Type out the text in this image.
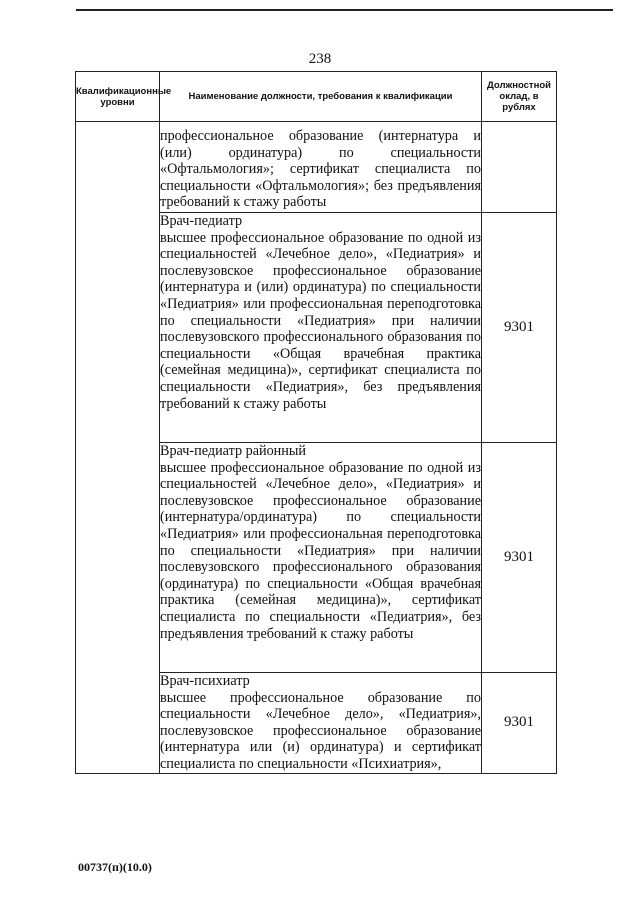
238
Квалификационные уровни	Наименование должности, требования к квалификации	Должностной оклад, в рублях

	профессиональное образование (интернатура и (или) ординатура) по специальности «Офтальмология»; сертификат специалиста по специальности «Офтальмология»; без предъявления требований к стажу работы	

	Врач-педиатр
высшее профессиональное образование по одной из специальностей «Лечебное дело», «Педиатрия» и послевузовское профессиональное образование (интернатура и (или) ординатура) по специальности «Педиатрия» или профессиональная переподготовка по специальности «Педиатрия» при наличии послевузовского профессионального образования по специальности «Общая врачебная практика (семейная медицина)», сертификат специалиста по специальности «Педиатрия», без предъявления требований к стажу работы	9301

	Врач-педиатр районный
высшее профессиональное образование по одной из специальностей «Лечебное дело», «Педиатрия» и послевузовское профессиональное образование (интернатура/ординатура) по специальности «Педиатрия» или профессиональная переподготовка по специальности «Педиатрия» при наличии послевузовского профессионального образования (ординатура) по специальности «Общая врачебная практика (семейная медицина)», сертификат специалиста по специальности «Педиатрия», без предъявления требований к стажу работы	9301

	Врач-психиатр
высшее профессиональное образование по специальности «Лечебное дело», «Педиатрия», послевузовское профессиональное образование (интернатура или (и) ординатура) и сертификат специалиста по специальности «Психиатрия»,	9301
00737(п)(10.0)
